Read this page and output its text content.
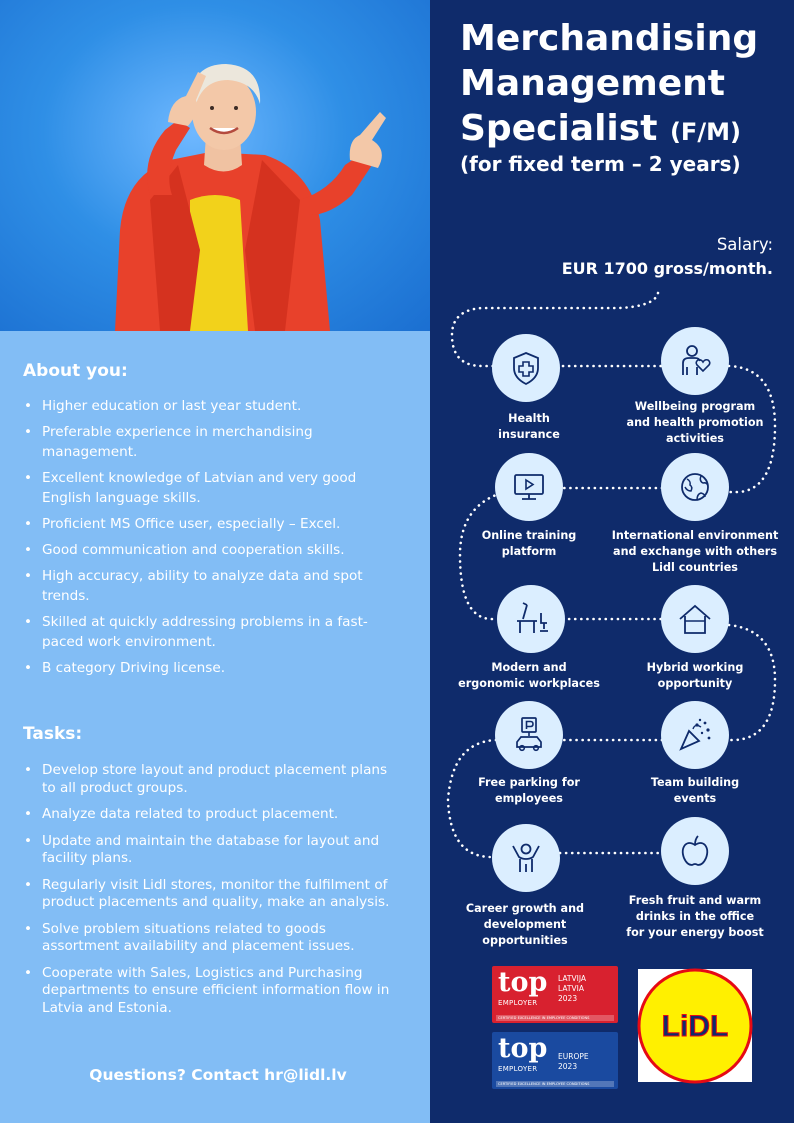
About you:
• Higher education or last year student.
• Preferable experience in merchandising management.
• Excellent knowledge of Latvian and very good English language skills.
• Proficient MS Office user, especially – Excel.
• Good communication and cooperation skills.
• High accuracy, ability to analyze data and spot trends.
• Skilled at quickly addressing problems in a fast-paced work environment.
• B category Driving license.
Tasks:
• Develop store layout and product placement plans to all product groups.
• Analyze data related to product placement.
• Update and maintain the database for layout and facility plans.
• Regularly visit Lidl stores, monitor the fulfilment of product placements and quality, make an analysis.
• Solve problem situations related to goods assortment availability and placement issues.
• Cooperate with Sales, Logistics and Purchasing departments to ensure efficient information flow in Latvia and Estonia.
Questions? Contact hr@lidl.lv
Merchandising
Management
Specialist (F/M)
(for fixed term – 2 years)
Salary:
EUR 1700 gross/month.
Health
insurance
Wellbeing program
and health promotion
activities
Online training
platform
International environment
and exchange with others
Lidl countries
Modern and
ergonomic workplaces
Hybrid working
opportunity
Free parking for
employees
Team building
events
Career growth and
development
opportunities
Fresh fruit and warm
drinks in the office
for your energy boost
top
EMPLOYER
LATVIJA
LATVIA
2023
CERTIFIED EXCELLENCE IN EMPLOYEE CONDITIONS
top
EMPLOYER
EUROPE
2023
CERTIFIED EXCELLENCE IN EMPLOYEE CONDITIONS
LiDL
